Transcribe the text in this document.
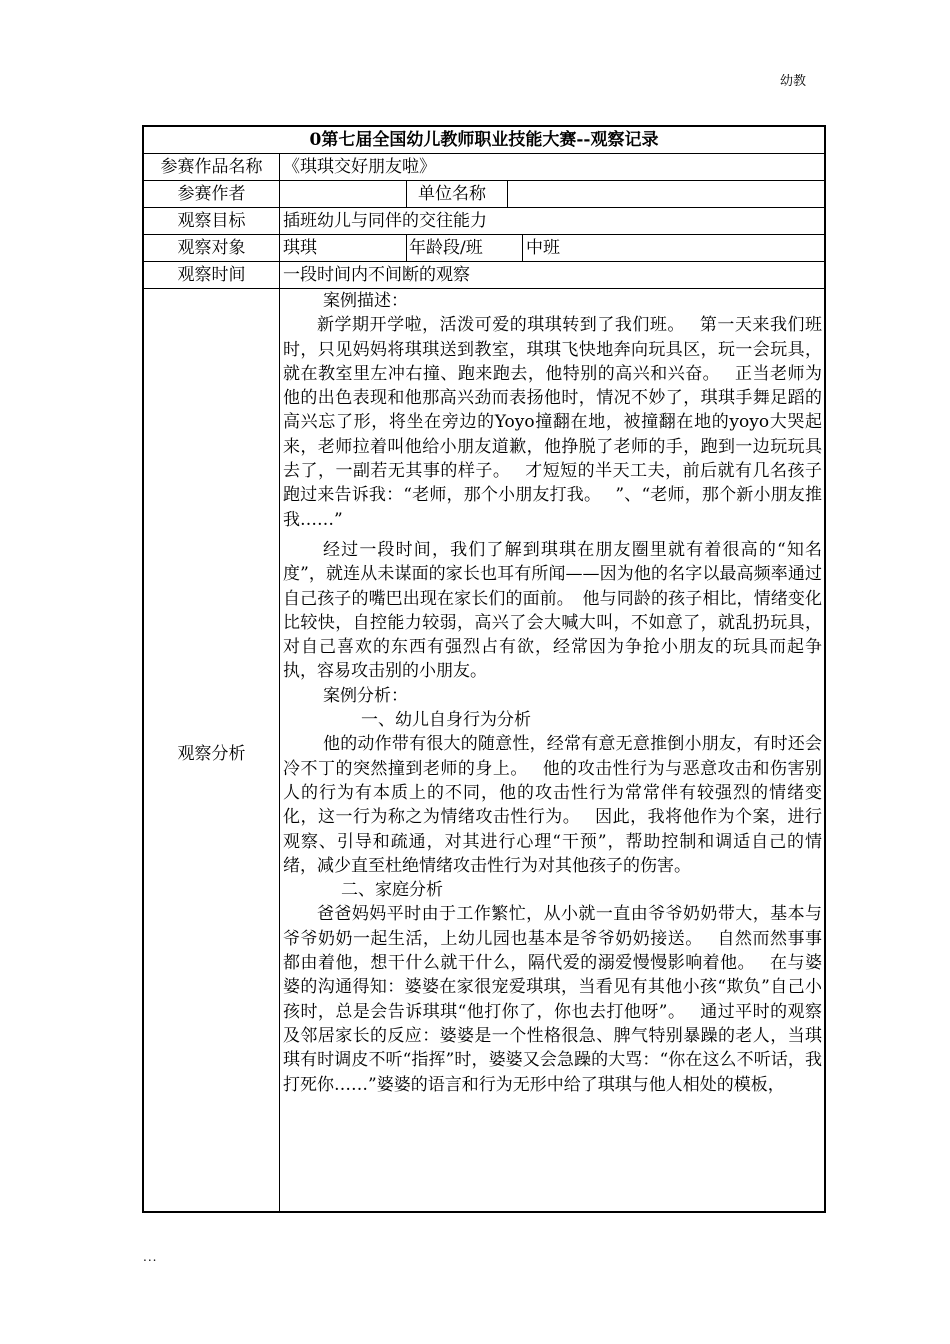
幼教
0第七届全国幼儿教师职业技能大赛--观察记录
参赛作品名称	《琪琪交好朋友啦》
参赛作者	单位名称
观察目标	插班幼儿与同伴的交往能力
观察对象	琪琪	年龄段/班	中班
观察时间	一段时间内不间断的观察
观察分析

案例描述：

新学期开学啦，活泼可爱的琪琪转到了我们班。　 第一天来我们班时，只见妈妈将琪琪送到教室，琪琪飞快地奔向玩具区，玩一会玩具，就在教室里左冲右撞、跑来跑去，他特别的高兴和兴奋。　 正当老师为他的出色表现和他那高兴劲而表扬他时，情况不妙了，琪琪手舞足蹈的高兴忘了形，将坐在旁边的Yoyo撞翻在地，被撞翻在地的yoyo大哭起来，老师拉着叫他给小朋友道歉，他挣脱了老师的手，跑到一边玩玩具去了，一副若无其事的样子。　 才短短的半天工夫，前后就有几名孩子跑过来告诉我：“老师，那个小朋友打我。　 ”、“老师，那个新小朋友推我……”

经过一段时间，我们了解到琪琪在朋友圈里就有着很高的“知名度”，就连从未谋面的家长也耳有所闻——因为他的名字以最高频率通过自己孩子的嘴巴出现在家长们的面前。　他与同龄的孩子相比，情绪变化比较快，自控能力较弱，高兴了会大喊大叫，不如意了，就乱扔玩具，对自己喜欢的东西有强烈占有欲，经常因为争抢小朋友的玩具而起争执，容易攻击别的小朋友。

案例分析：

一、幼儿自身行为分析

他的动作带有很大的随意性，经常有意无意推倒小朋友，有时还会冷不丁的突然撞到老师的身上。　 他的攻击性行为与恶意攻击和伤害别人的行为有本质上的不同，他的攻击性行为常常伴有较强烈的情绪变化，这一行为称之为情绪攻击性行为。　 因此，我将他作为个案，进行观察、引导和疏通，对其进行心理“干预”，帮助控制和调适自己的情绪，减少直至杜绝情绪攻击性行为对其他孩子的伤害。

二、家庭分析

爸爸妈妈平时由于工作繁忙，从小就一直由爷爷奶奶带大，基本与爷爷奶奶一起生活，上幼儿园也基本是爷爷奶奶接送。　 自然而然事事都由着他，想干什么就干什么，隔代爱的溺爱慢慢影响着他。　 在与婆婆的沟通得知：婆婆在家很宠爱琪琪，当看见有其他小孩“欺负”自己小孩时，总是会告诉琪琪“他打你了，你也去打他呀”。　 通过平时的观察及邻居家长的反应：婆婆是一个性格很急、脾气特别暴躁的老人，当琪琪有时调皮不听“指挥”时，婆婆又会急躁的大骂：“你在这么不听话，我打死你……”婆婆的语言和行为无形中给了琪琪与他人相处的模板，

...
